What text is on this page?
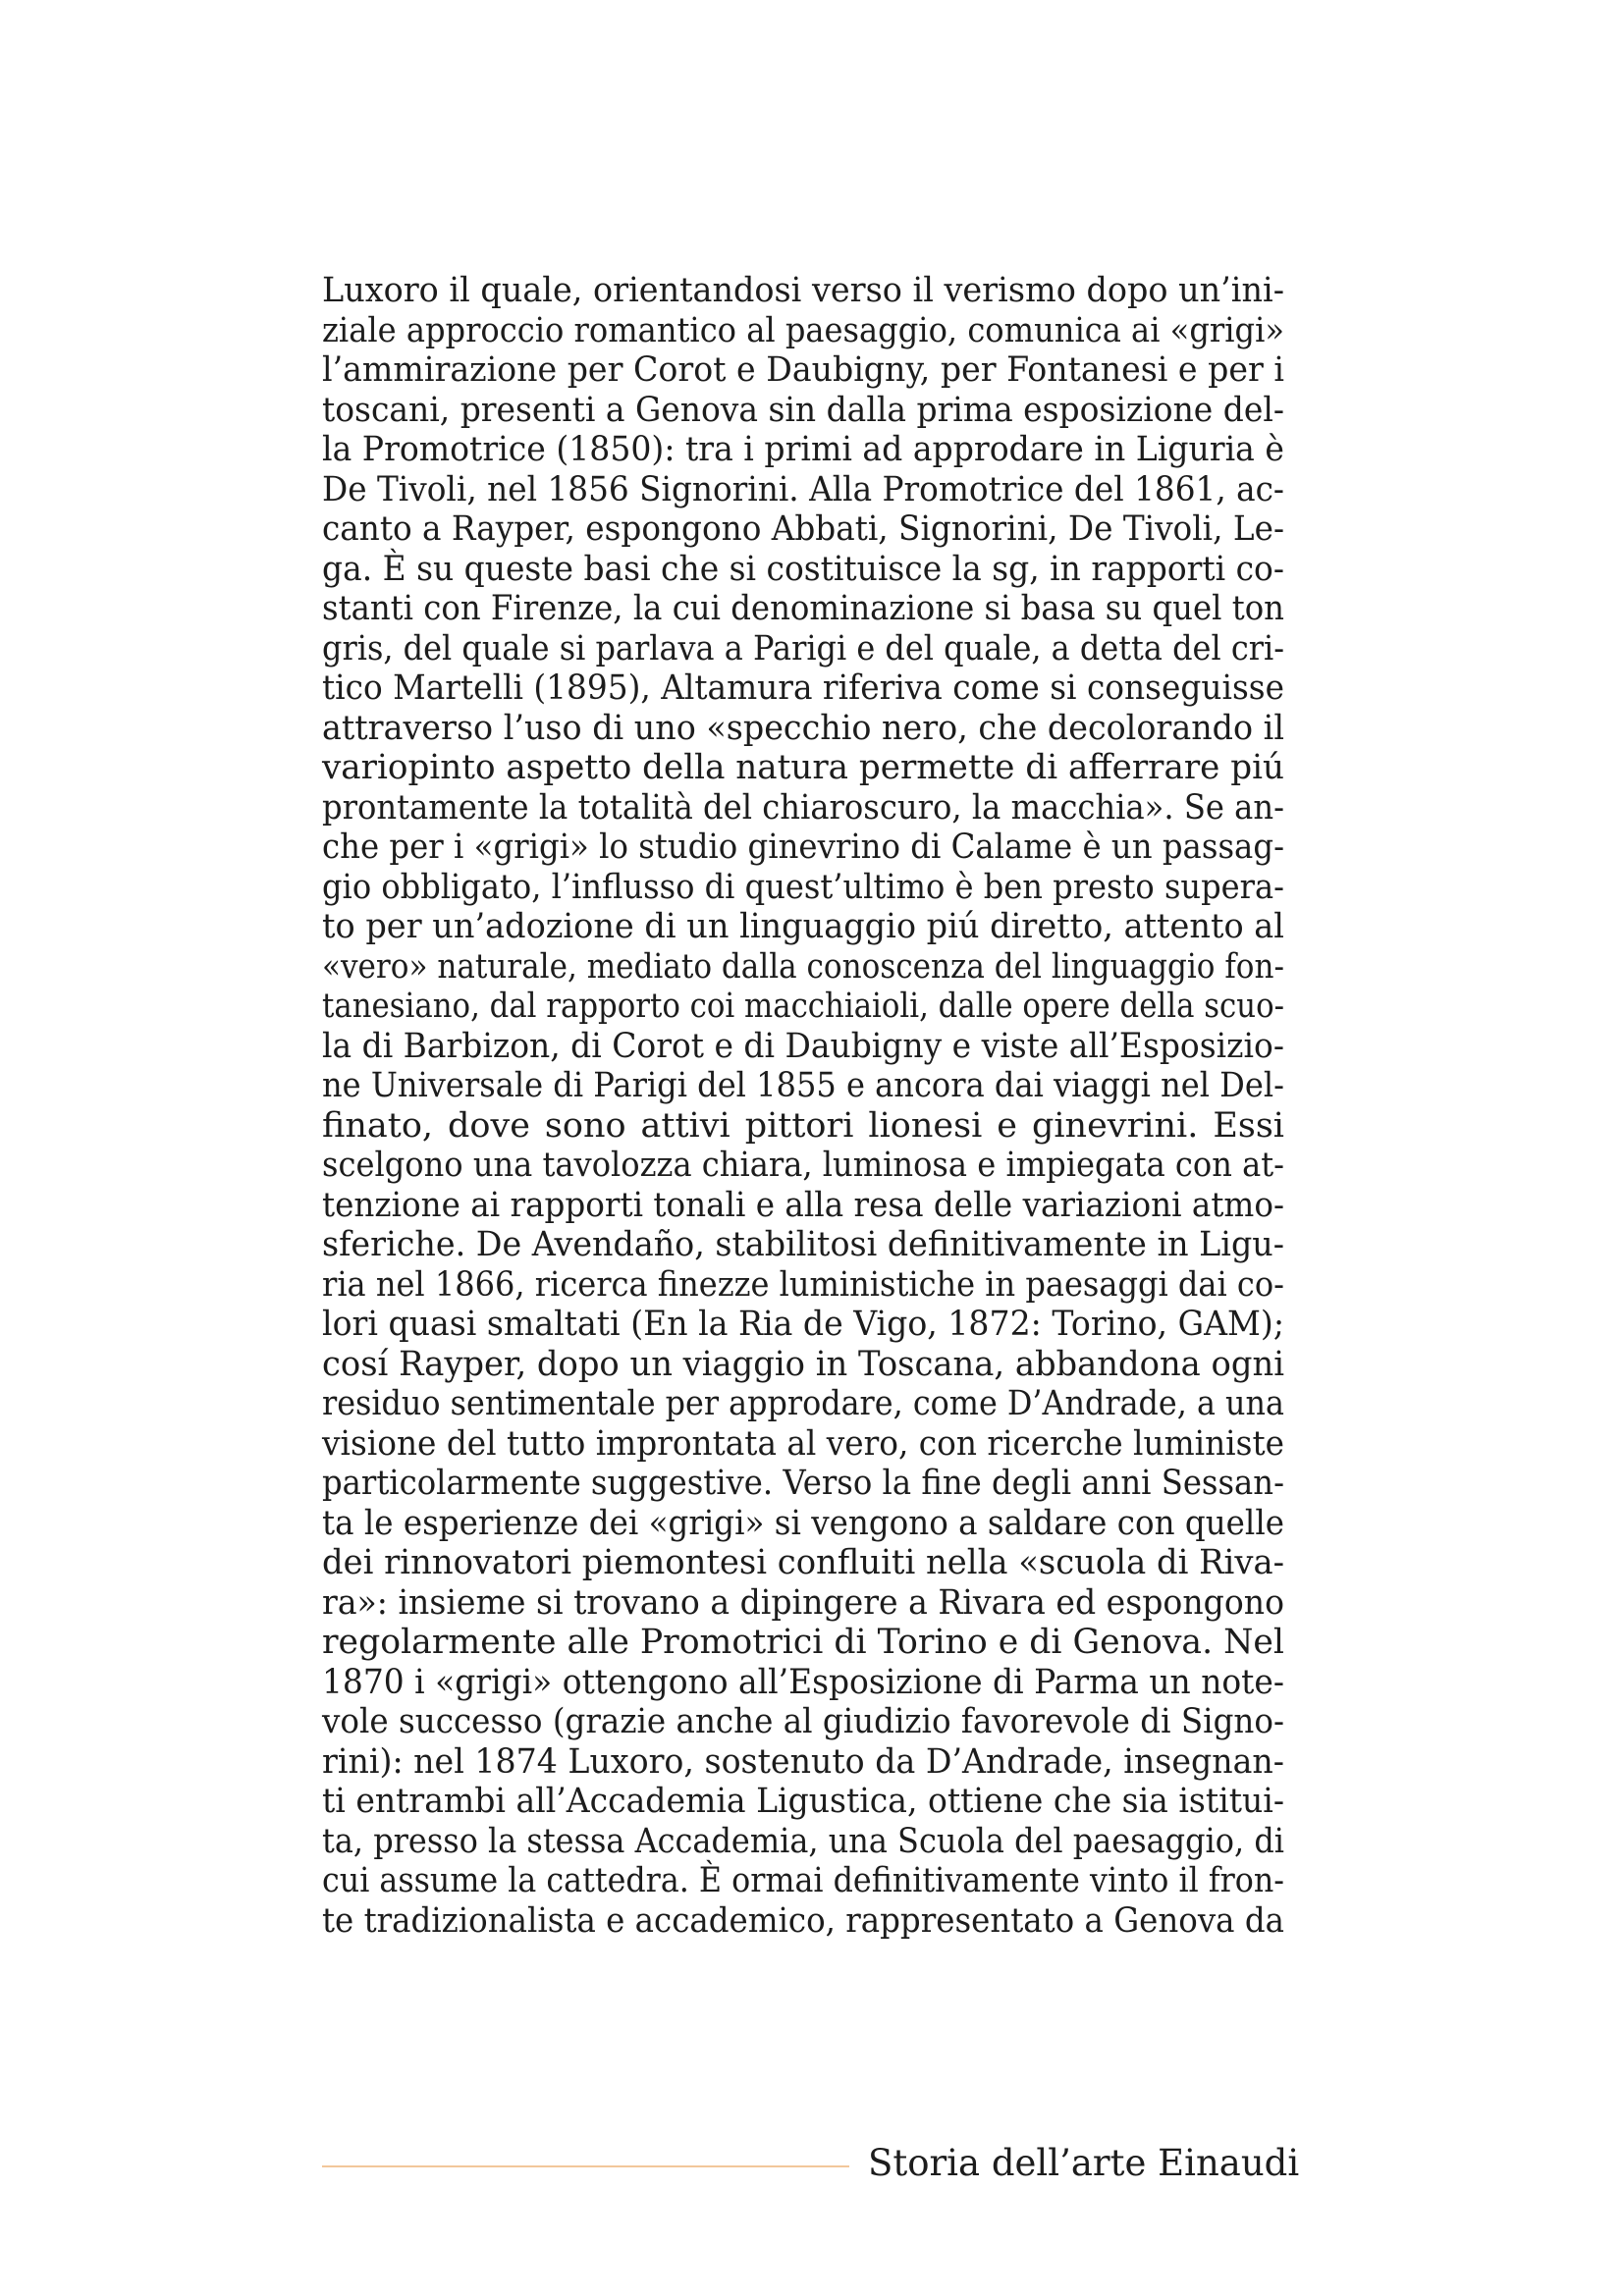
Luxoro il quale, orientandosi verso il verismo dopo un’ini-
ziale approccio romantico al paesaggio, comunica ai «grigi»
l’ammirazione per Corot e Daubigny, per Fontanesi e per i
toscani, presenti a Genova sin dalla prima esposizione del-
la Promotrice (1850): tra i primi ad approdare in Liguria è
De Tivoli, nel 1856 Signorini. Alla Promotrice del 1861, ac-
canto a Rayper, espongono Abbati, Signorini, De Tivoli, Le-
ga. È su queste basi che si costituisce la sg, in rapporti co-
stanti con Firenze, la cui denominazione si basa su quel ton
gris, del quale si parlava a Parigi e del quale, a detta del cri-
tico Martelli (1895), Altamura riferiva come si conseguisse
attraverso l’uso di uno «specchio nero, che decolorando il
variopinto aspetto della natura permette di afferrare piú
prontamente la totalità del chiaroscuro, la macchia». Se an-
che per i «grigi» lo studio ginevrino di Calame è un passag-
gio obbligato, l’influsso di quest’ultimo è ben presto supera-
to per un’adozione di un linguaggio piú diretto, attento al
«vero» naturale, mediato dalla conoscenza del linguaggio fon-
tanesiano, dal rapporto coi macchiaioli, dalle opere della scuo-
la di Barbizon, di Corot e di Daubigny e viste all’Esposizio-
ne Universale di Parigi del 1855 e ancora dai viaggi nel Del-
finato, dove sono attivi pittori lionesi e ginevrini. Essi
scelgono una tavolozza chiara, luminosa e impiegata con at-
tenzione ai rapporti tonali e alla resa delle variazioni atmo-
sferiche. De Avendaño, stabilitosi definitivamente in Ligu-
ria nel 1866, ricerca finezze luministiche in paesaggi dai co-
lori quasi smaltati (En la Ria de Vigo, 1872: Torino, GAM);
cosí Rayper, dopo un viaggio in Toscana, abbandona ogni
residuo sentimentale per approdare, come D’Andrade, a una
visione del tutto improntata al vero, con ricerche luministe
particolarmente suggestive. Verso la fine degli anni Sessan-
ta le esperienze dei «grigi» si vengono a saldare con quelle
dei rinnovatori piemontesi confluiti nella «scuola di Riva-
ra»: insieme si trovano a dipingere a Rivara ed espongono
regolarmente alle Promotrici di Torino e di Genova. Nel
1870 i «grigi» ottengono all’Esposizione di Parma un note-
vole successo (grazie anche al giudizio favorevole di Signo-
rini): nel 1874 Luxoro, sostenuto da D’Andrade, insegnan-
ti entrambi all’Accademia Ligustica, ottiene che sia istitui-
ta, presso la stessa Accademia, una Scuola del paesaggio, di
cui assume la cattedra. È ormai definitivamente vinto il fron-
te tradizionalista e accademico, rappresentato a Genova da
Storia dell’arte Einaudi
